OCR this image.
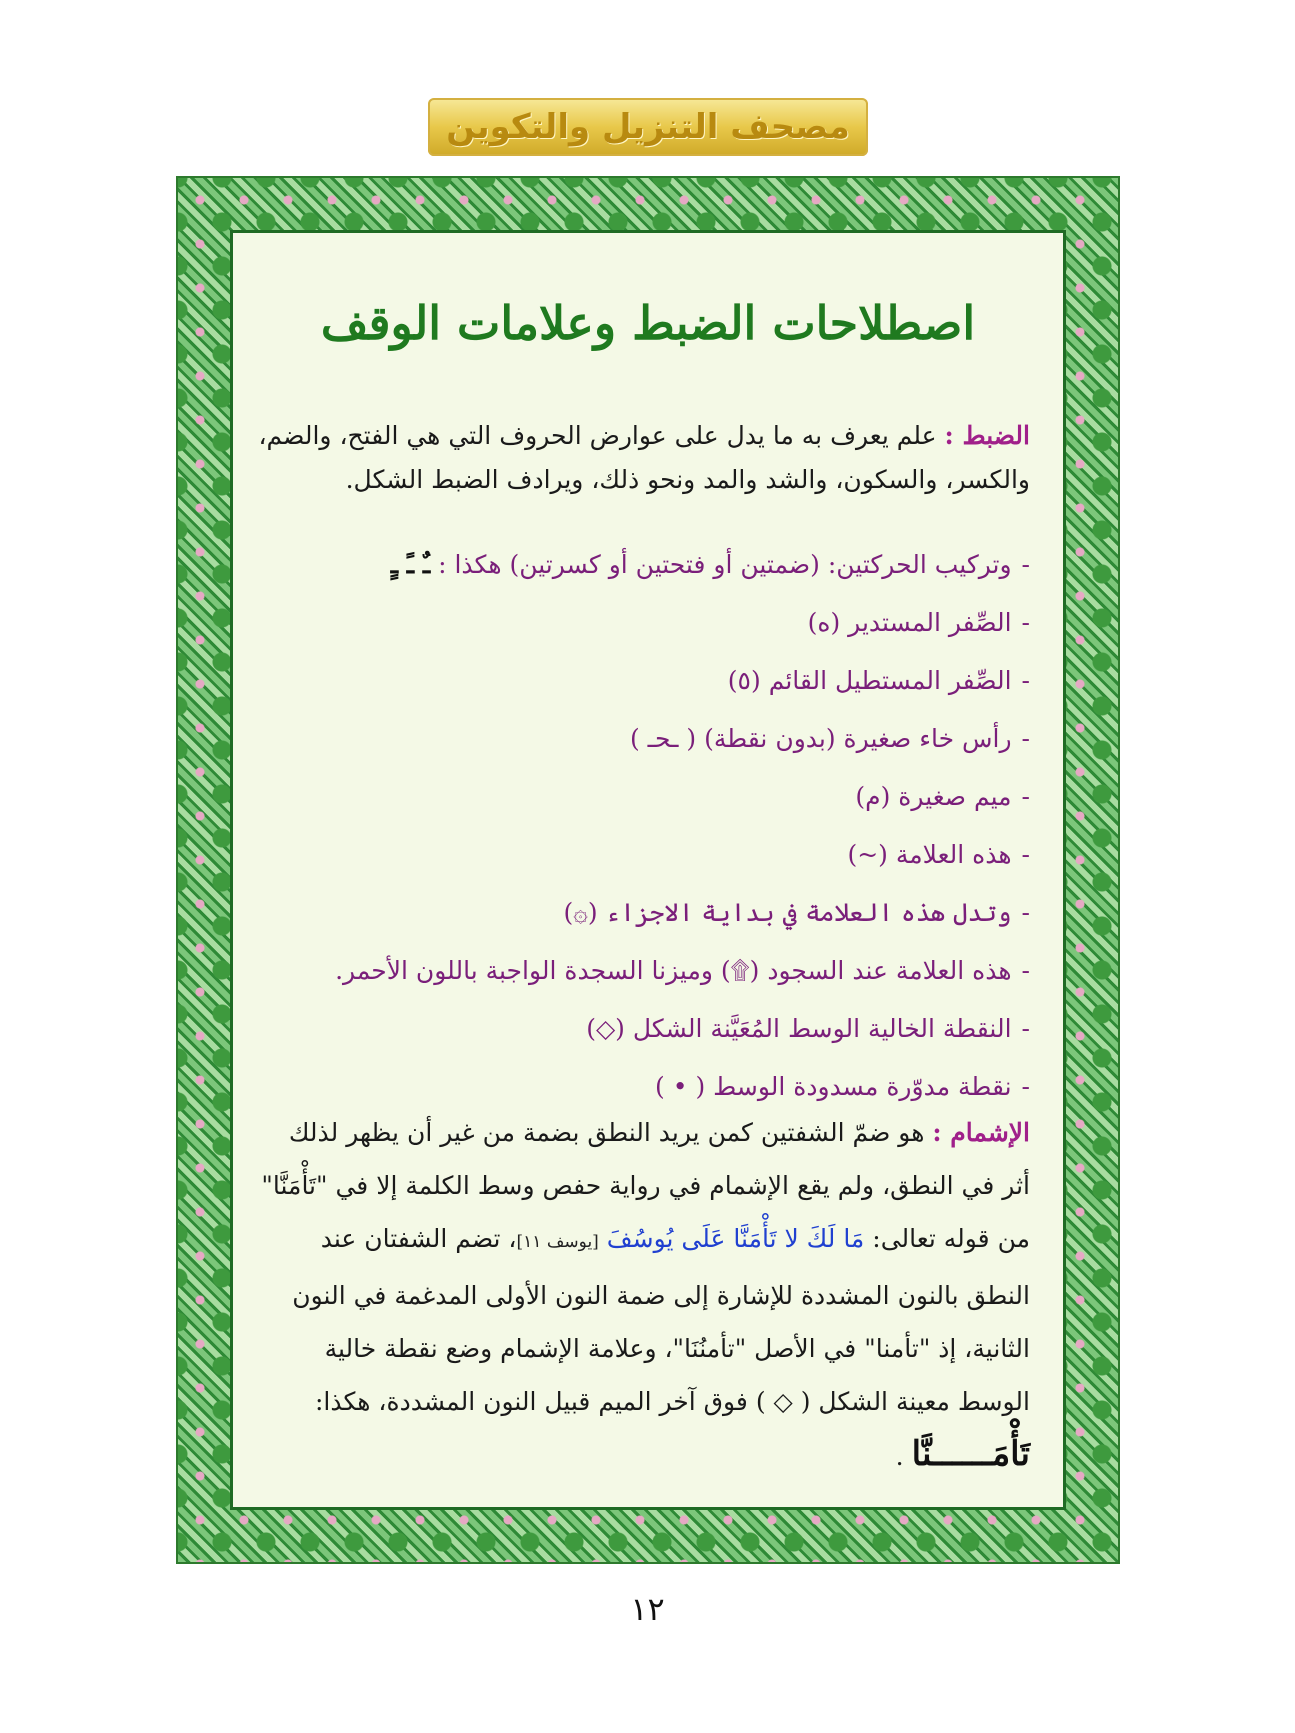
مصحف التنزيل والتكوين
اصطلاحات الضبط وعلامات الوقف
الضبط : علم يعرف به ما يدل على عوارض الحروف التي هي الفتح، والضم، والكسر، والسكون، والشد والمد ونحو ذلك، ويرادف الضبط الشكل.
-وتركيب الحركتين: (ضمتين أو فتحتين أو كسرتين) هكذا : ـٌ ـً ـٍ
-الصِّفر المستدير (ه)
-الصِّفر المستطيل القائم (٥)
-رأس خاء صغيرة (بدون نقطة) ( ـحـ )
-ميم صغيرة (م)
-هذه العلامة (~)
-وتدل هذه العلامة في بداية الاجزاء (۞)
-هذه العلامة عند السجود (۩) وميزنا السجدة الواجبة باللون الأحمر.
-النقطة الخالية الوسط المُعَيَّنة الشكل (◇)
-نقطة مدوّرة مسدودة الوسط ( • )
الإشمام : هو ضمّ الشفتين كمن يريد النطق بضمة من غير أن يظهر لذلك أثر في النطق، ولم يقع الإشمام في رواية حفص وسط الكلمة إلا في "تَأْمَنَّا" من قوله تعالى: مَا لَكَ لا تَأْمَنَّا عَلَى يُوسُفَ [يوسف ١١]، تضم الشفتان عند النطق بالنون المشددة للإشارة إلى ضمة النون الأولى المدغمة في النون الثانية، إذ "تأمنا" في الأصل "تأمنُنَا"، وعلامة الإشمام وضع نقطة خالية الوسط معينة الشكل ( ◇ ) فوق آخر الميم قبيل النون المشددة، هكذا: تَأْمَــــــنَّا .
١٢
